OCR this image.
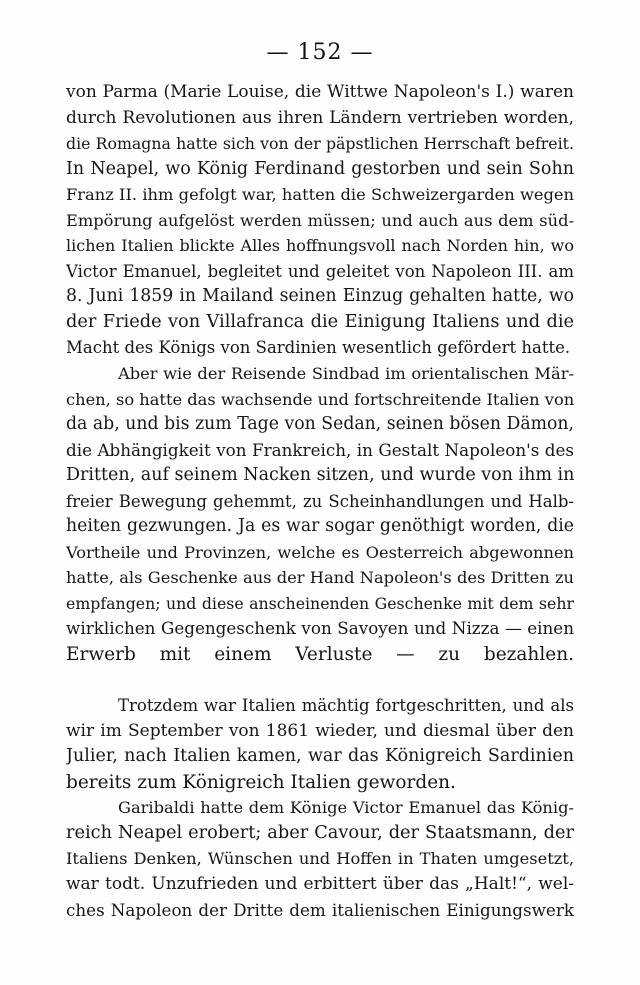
— 152 —
von Parma (Marie Louise, die Wittwe Napoleon's I.) waren
durch Revolutionen aus ihren Ländern vertrieben worden,
die Romagna hatte sich von der päpstlichen Herrschaft befreit.
In Neapel, wo König Ferdinand gestorben und sein Sohn
Franz II. ihm gefolgt war, hatten die Schweizergarden wegen
Empörung aufgelöst werden müssen; und auch aus dem süd-
lichen Italien blickte Alles hoffnungsvoll nach Norden hin, wo
Victor Emanuel, begleitet und geleitet von Napoleon III. am
8. Juni 1859 in Mailand seinen Einzug gehalten hatte, wo
der Friede von Villafranca die Einigung Italiens und die
Macht des Königs von Sardinien wesentlich gefördert hatte.
Aber wie der Reisende Sindbad im orientalischen Mär-
chen, so hatte das wachsende und fortschreitende Italien von
da ab, und bis zum Tage von Sedan, seinen bösen Dämon,
die Abhängigkeit von Frankreich, in Gestalt Napoleon's des
Dritten, auf seinem Nacken sitzen, und wurde von ihm in
freier Bewegung gehemmt, zu Scheinhandlungen und Halb-
heiten gezwungen. Ja es war sogar genöthigt worden, die
Vortheile und Provinzen, welche es Oesterreich abgewonnen
hatte, als Geschenke aus der Hand Napoleon's des Dritten zu
empfangen; und diese anscheinenden Geschenke mit dem sehr
wirklichen Gegengeschenk von Savoyen und Nizza — einen
Erwerb mit einem Verluste — zu bezahlen.
Trotzdem war Italien mächtig fortgeschritten, und als
wir im September von 1861 wieder, und diesmal über den
Julier, nach Italien kamen, war das Königreich Sardinien
bereits zum Königreich Italien geworden.
Garibaldi hatte dem Könige Victor Emanuel das König-
reich Neapel erobert; aber Cavour, der Staatsmann, der
Italiens Denken, Wünschen und Hoffen in Thaten umgesetzt,
war todt. Unzufrieden und erbittert über das „Halt!“, wel-
ches Napoleon der Dritte dem italienischen Einigungswerk
